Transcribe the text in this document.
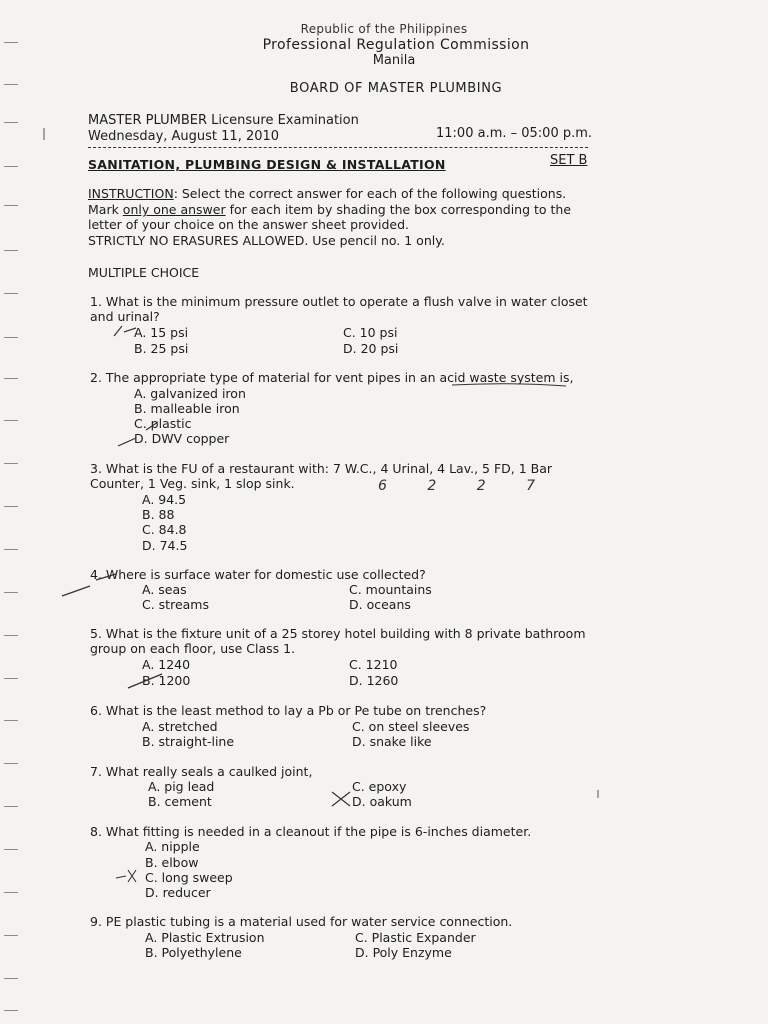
Republic of the Philippines
Professional Regulation Commission
Manila
BOARD OF MASTER PLUMBING
MASTER PLUMBER Licensure Examination
Wednesday, August 11, 2010	11:00 a.m. – 05:00 p.m.
SANITATION, PLUMBING DESIGN & INSTALLATION	SET B
INSTRUCTION: Select the correct answer for each of the following questions.
Mark only one answer for each item by shading the box corresponding to the
letter of your choice on the answer sheet provided.
STRICTLY NO ERASURES ALLOWED. Use pencil no. 1 only.
MULTIPLE CHOICE
1. What is the minimum pressure outlet to operate a flush valve in water closet and urinal?
A. 15 psi
B. 25 psi
C. 10 psi
D. 20 psi
2. The appropriate type of material for vent pipes in an acid waste system is,
A. galvanized iron
B. malleable iron
C. plastic
D. DWV copper
3. What is the FU of a restaurant with: 7 W.C., 4 Urinal, 4 Lav., 5 FD, 1 Bar Counter, 1 Veg. sink, 1 slop sink.
A. 94.5
B. 88
C. 84.8
D. 74.5
6 2 2 7
4. Where is surface water for domestic use collected?
A. seas
C. streams
C. mountains
D. oceans
5. What is the fixture unit of a 25 storey hotel building with 8 private bathroom group on each floor, use Class 1.
A. 1240
B. 1200
C. 1210
D. 1260
6. What is the least method to lay a Pb or Pe tube on trenches?
A. stretched
B. straight-line
C. on steel sleeves
D. snake like
7. What really seals a caulked joint,
A. pig lead
B. cement
C. epoxy
D. oakum
8. What fitting is needed in a cleanout if the pipe is 6-inches diameter.
A. nipple
B. elbow
C. long sweep
D. reducer
9. PE plastic tubing is a material used for water service connection.
A. Plastic Extrusion
B. Polyethylene
C. Plastic Expander
D. Poly Enzyme
